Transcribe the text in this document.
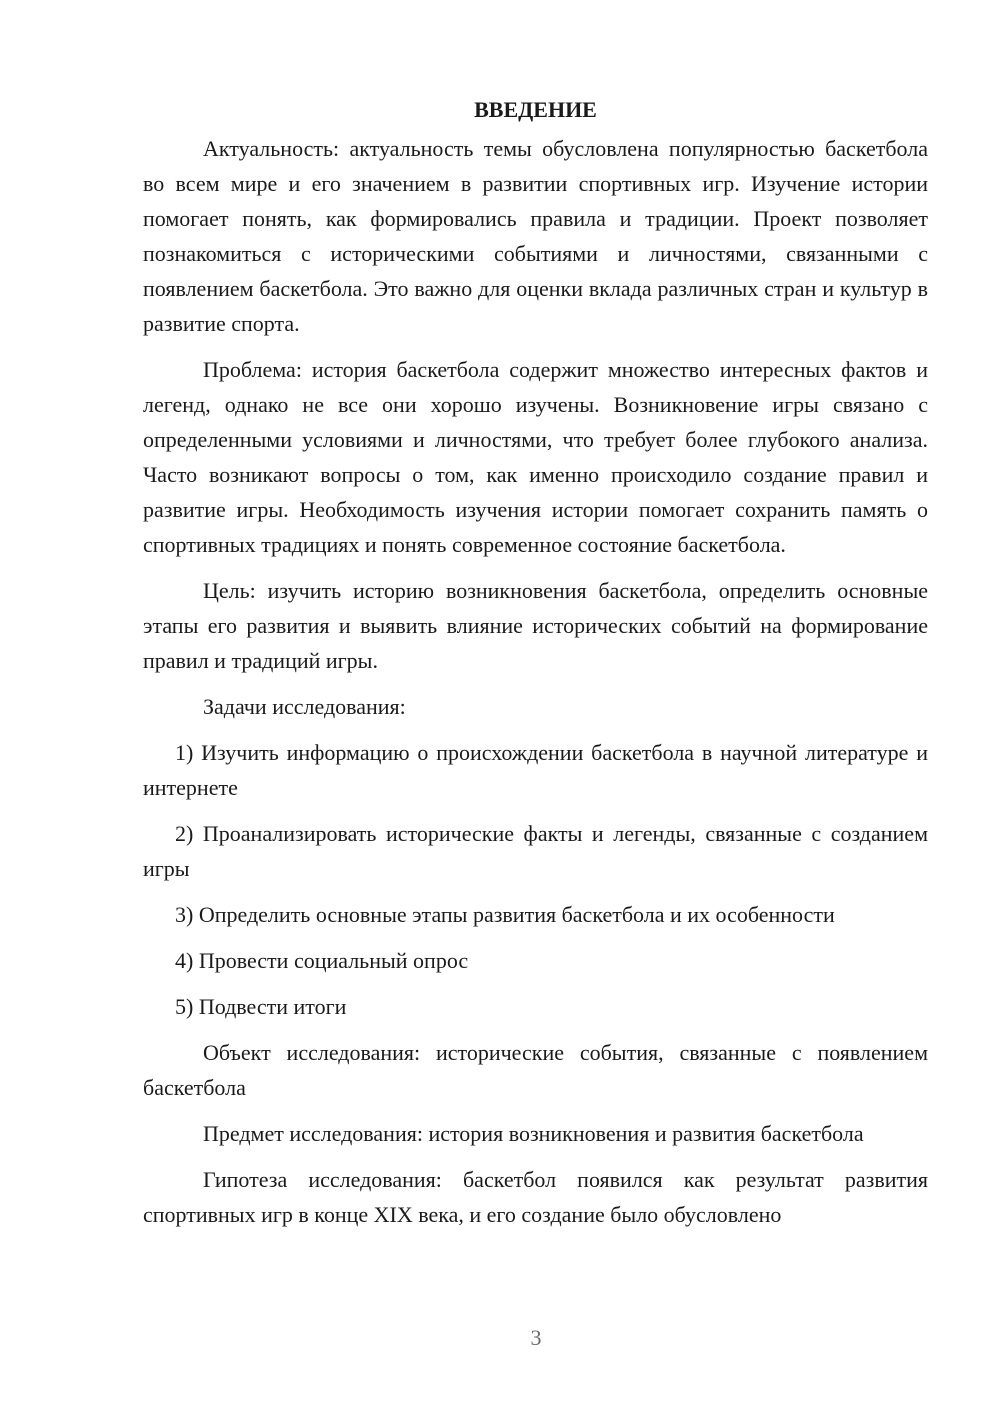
ВВЕДЕНИЕ

Актуальность: актуальность темы обусловлена популярностью баскетбола во всем мире и его значением в развитии спортивных игр. Изучение истории помогает понять, как формировались правила и традиции. Проект позволяет познакомиться с историческими событиями и личностями, связанными с появлением баскетбола. Это важно для оценки вклада различных стран и культур в развитие спорта.

Проблема: история баскетбола содержит множество интересных фактов и легенд, однако не все они хорошо изучены. Возникновение игры связано с определенными условиями и личностями, что требует более глубокого анализа. Часто возникают вопросы о том, как именно происходило создание правил и развитие игры. Необходимость изучения истории помогает сохранить память о спортивных традициях и понять современное состояние баскетбола.

Цель: изучить историю возникновения баскетбола, определить основные этапы его развития и выявить влияние исторических событий на формирование правил и традиций игры.

Задачи исследования:

1) Изучить информацию о происхождении баскетбола в научной литературе и интернете

2) Проанализировать исторические факты и легенды, связанные с созданием игры

3) Определить основные этапы развития баскетбола и их особенности

4) Провести социальный опрос

5) Подвести итоги

Объект исследования: исторические события, связанные с появлением баскетбола

Предмет исследования: история возникновения и развития баскетбола

Гипотеза исследования: баскетбол появился как результат развития спортивных игр в конце XIX века, и его создание было обусловлено

3
